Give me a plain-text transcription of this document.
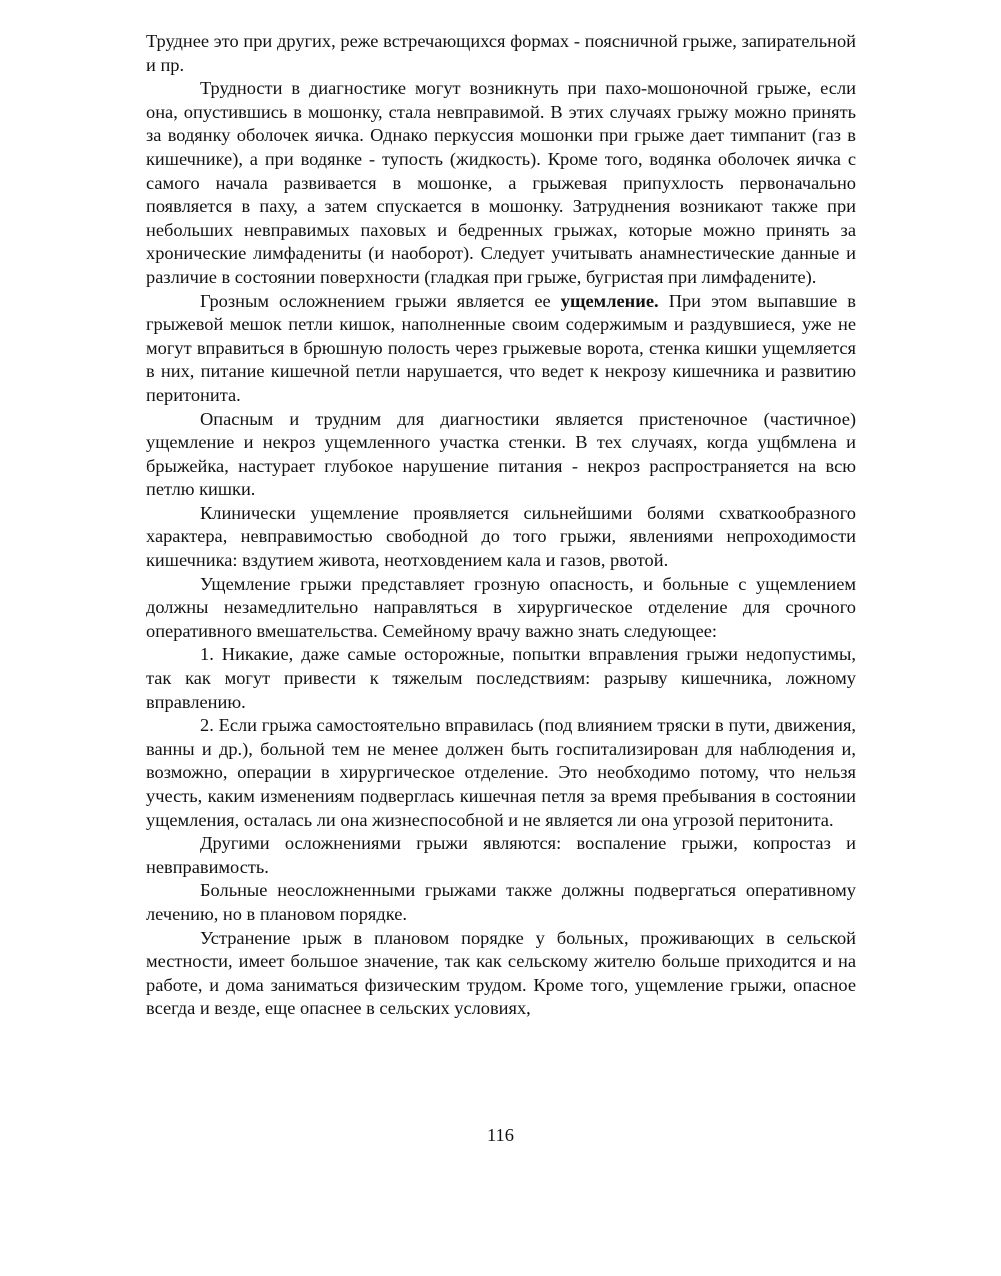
Труднее это при других, реже встречающихся формах - поясничной грыже, запирательной и пр.

Трудности в диагностике могут возникнуть при пахо-мошоночной грыже, если она, опустившись в мошонку, стала невправимой. В этих случаях грыжу можно принять за водянку оболочек яичка. Однако перкуссия мошонки при грыже дает тимпанит (газ в кишечнике), а при водянке - тупость (жидкость). Кроме того, водянка оболочек яичка с самого начала развивается в мошонке, а грыжевая припухлость первоначально появляется в паху, а затем спускается в мошонку. Затруднения возникают также при небольших невправимых паховых и бедренных грыжах, которые можно принять за хронические лимфадениты (и наоборот). Следует учитывать анамнестические данные и различие в состоянии поверхности (гладкая при грыже, бугристая при лимфадените).

Грозным осложнением грыжи является ее ущемление. При этом выпавшие в грыжевой мешок петли кишок, наполненные своим содержимым и раздувшиеся, уже не могут вправиться в брюшную полость через грыжевые ворота, стенка кишки ущемляется в них, питание кишечной петли нарушается, что ведет к некрозу кишечника и развитию перитонита.

Опасным и трудним для диагностики является пристеночное (частичное) ущемление и некроз ущемленного участка стенки. В тех случаях, когда ущбмлена и брыжейка, настурает глубокое нарушение питания - некроз распространяется на всю петлю кишки.

Клинически ущемление проявляется сильнейшими болями схваткообразного характера, невправимостью свободной до того грыжи, явлениями непроходимости кишечника: вздутием живота, неотховдением кала и газов, рвотой.

Ущемление грыжи представляет грозную опасность, и больные с ущемлением должны незамедлительно направляться в хирургическое отделение для срочного оперативного вмешательства. Семейному врачу важно знать следующее:

1. Никакие, даже самые осторожные, попытки вправления грыжи недопустимы, так как могут привести к тяжелым последствиям: разрыву кишечника, ложному вправлению.

2. Если грыжа самостоятельно вправилась (под влиянием тряски в пути, движения, ванны и др.), больной тем не менее должен быть госпитализирован для наблюдения и, возможно, операции в хирургическое отделение. Это необходимо потому, что нельзя учесть, каким изменениям подверглась кишечная петля за время пребывания в состоянии ущемления, осталась ли она жизнеспособной и не является ли она угрозой перитонита.

Другими осложнениями грыжи являются: воспаление грыжи, копростаз и невправимость.

Больные неосложненными грыжами также должны подвергаться оперативному лечению, но в плановом порядке.

Устранение ıрыж в плановом порядке у больных, проживающих в сельской местности, имеет большое значение, так как сельскому жителю больше приходится и на работе, и дома заниматься физическим трудом. Кроме того, ущемление грыжи, опасное всегда и везде, еще опаснее в сельских условиях,

116
